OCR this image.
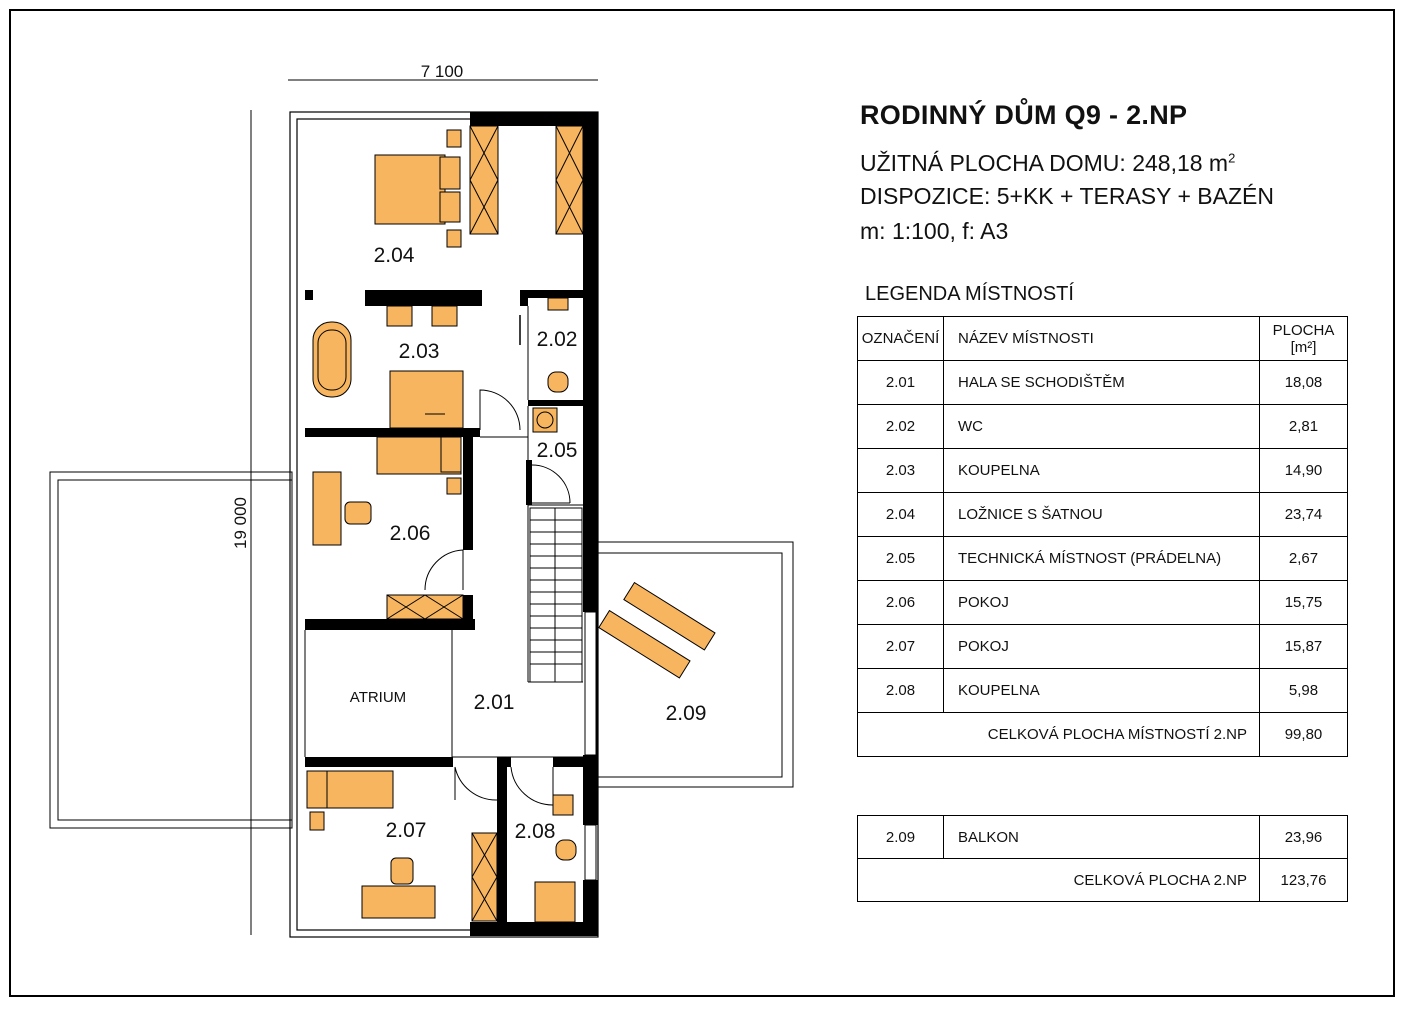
7 100
19 000
2.04
2.03
2.02
2.05
2.06
ATRIUM	2.01	2.09
2.07	2.08
RODINNÝ DŮM Q9 - 2.NP
UŽITNÁ PLOCHA DOMU: 248,18 $m^2$
DISPOZICE: 5+KK + TERASY + BAZÉN
m: 1:100, f: A3
LEGENDA MÍSTNOSTÍ
OZNAČENÍ	NÁZEV MÍSTNOSTI	PLOCHA
[m²]
2.01	HALA SE SCHODIŠTĚM	18,08
2.02	WC	2,81
2.03	KOUPELNA	14,90
2.04	LOŽNICE S ŠATNOU	23,74
2.05	TECHNICKÁ MÍSTNOST (PRÁDELNA)	2,67
2.06	POKOJ	15,75
2.07	POKOJ	15,87
2.08	KOUPELNA	5,98
CELKOVÁ PLOCHA MÍSTNOSTÍ 2.NP		99,80
2.09	BALKON	23,96
CELKOVÁ PLOCHA 2.NP		123,76
